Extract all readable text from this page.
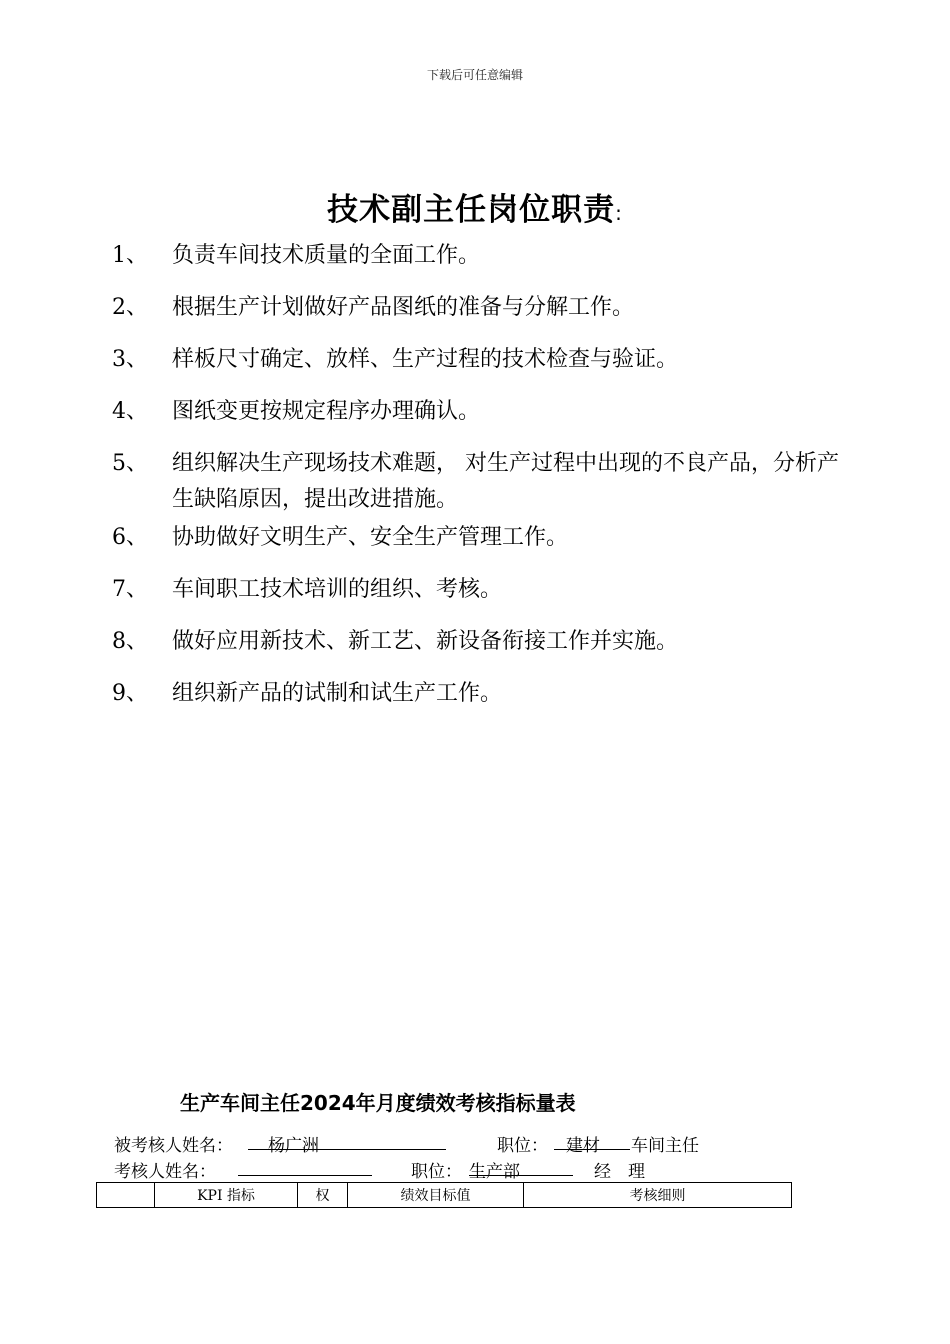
下载后可任意编辑
技术副主任岗位职责:
1、	负责车间技术质量的全面工作。
2、	根据生产计划做好产品图纸的准备与分解工作。
3、	样板尺寸确定、放样、生产过程的技术检查与验证。
4、	图纸变更按规定程序办理确认。
5、	组织解决生产现场技术难题， 对生产过程中出现的不良产品，分析产生缺陷原因，提出改进措施。
6、	协助做好文明生产、安全生产管理工作。
7、	车间职工技术培训的组织、考核。
8、	做好应用新技术、新工艺、新设备衔接工作并实施。
9、	组织新产品的试制和试生产工作。
生产车间主任2024年月度绩效考核指标量表
被考核人姓名： 杨广洲	职位： 建材 车间主任
考核人姓名：	职位： 生产部	经　理
	KPI 指标	权	绩效目标值	考核细则
